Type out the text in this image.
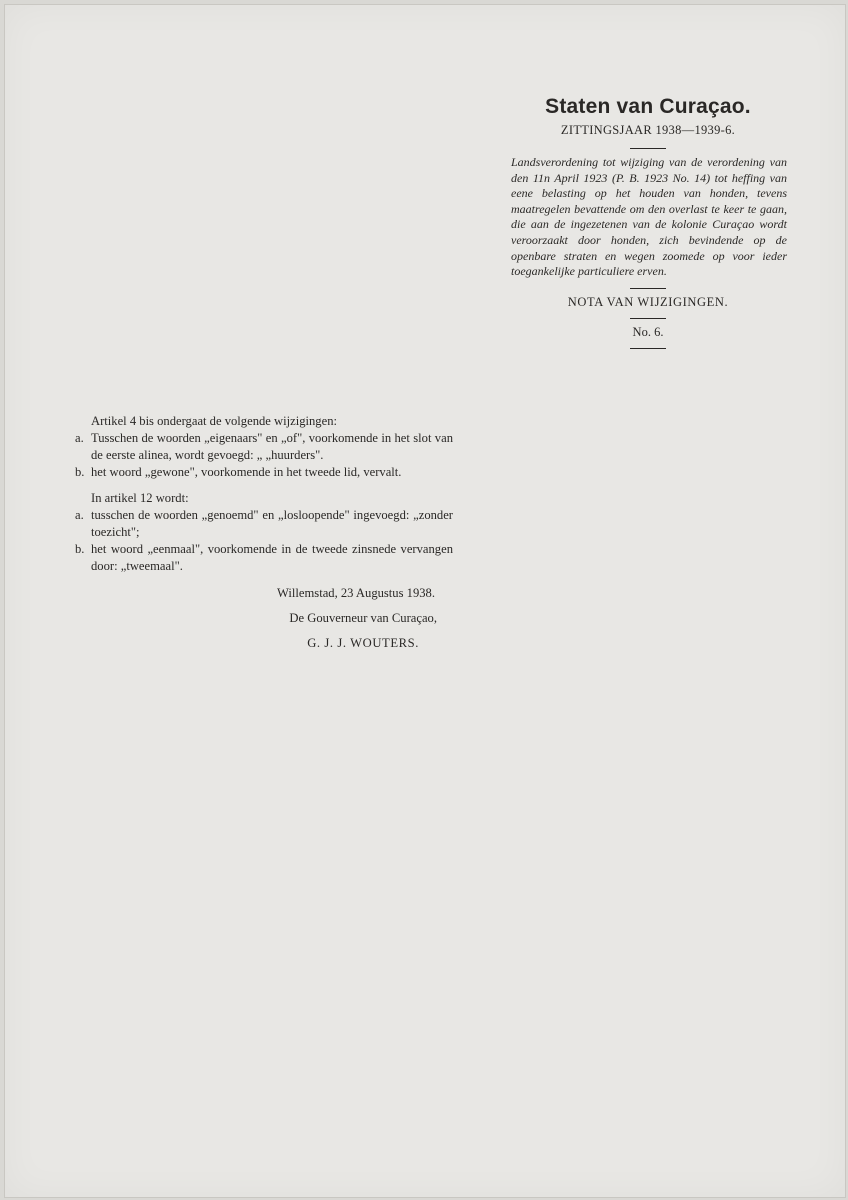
Staten van Curaçao.
ZITTINGSJAAR 1938—1939-6.
Landsverordening tot wijziging van de verordening van den 11n April 1923 (P. B. 1923 No. 14) tot heffing van eene belasting op het houden van honden, tevens maatregelen bevattende om den overlast te keer te gaan, die aan de ingezetenen van de kolonie Curaçao wordt veroorzaakt door honden, zich bevindende op de openbare straten en wegen zoomede op voor ieder toegankelijke particuliere erven.
NOTA VAN WIJZIGINGEN.
No. 6.

Artikel 4 bis ondergaat de volgende wijzigingen:

a. Tusschen de woorden „eigenaars" en „of", voorkomende in het slot van de eerste alinea, wordt gevoegd: „ „huurders".

b. het woord „gewone", voorkomende in het tweede lid, vervalt.

In artikel 12 wordt:

a. tusschen de woorden „genoemd" en „losloopende" ingevoegd: „zonder toezicht";

b. het woord „eenmaal", voorkomende in de tweede zinsnede vervangen door: „tweemaal".

Willemstad, 23 Augustus 1938.

De Gouverneur van Curaçao,

G. J. J. WOUTERS.
